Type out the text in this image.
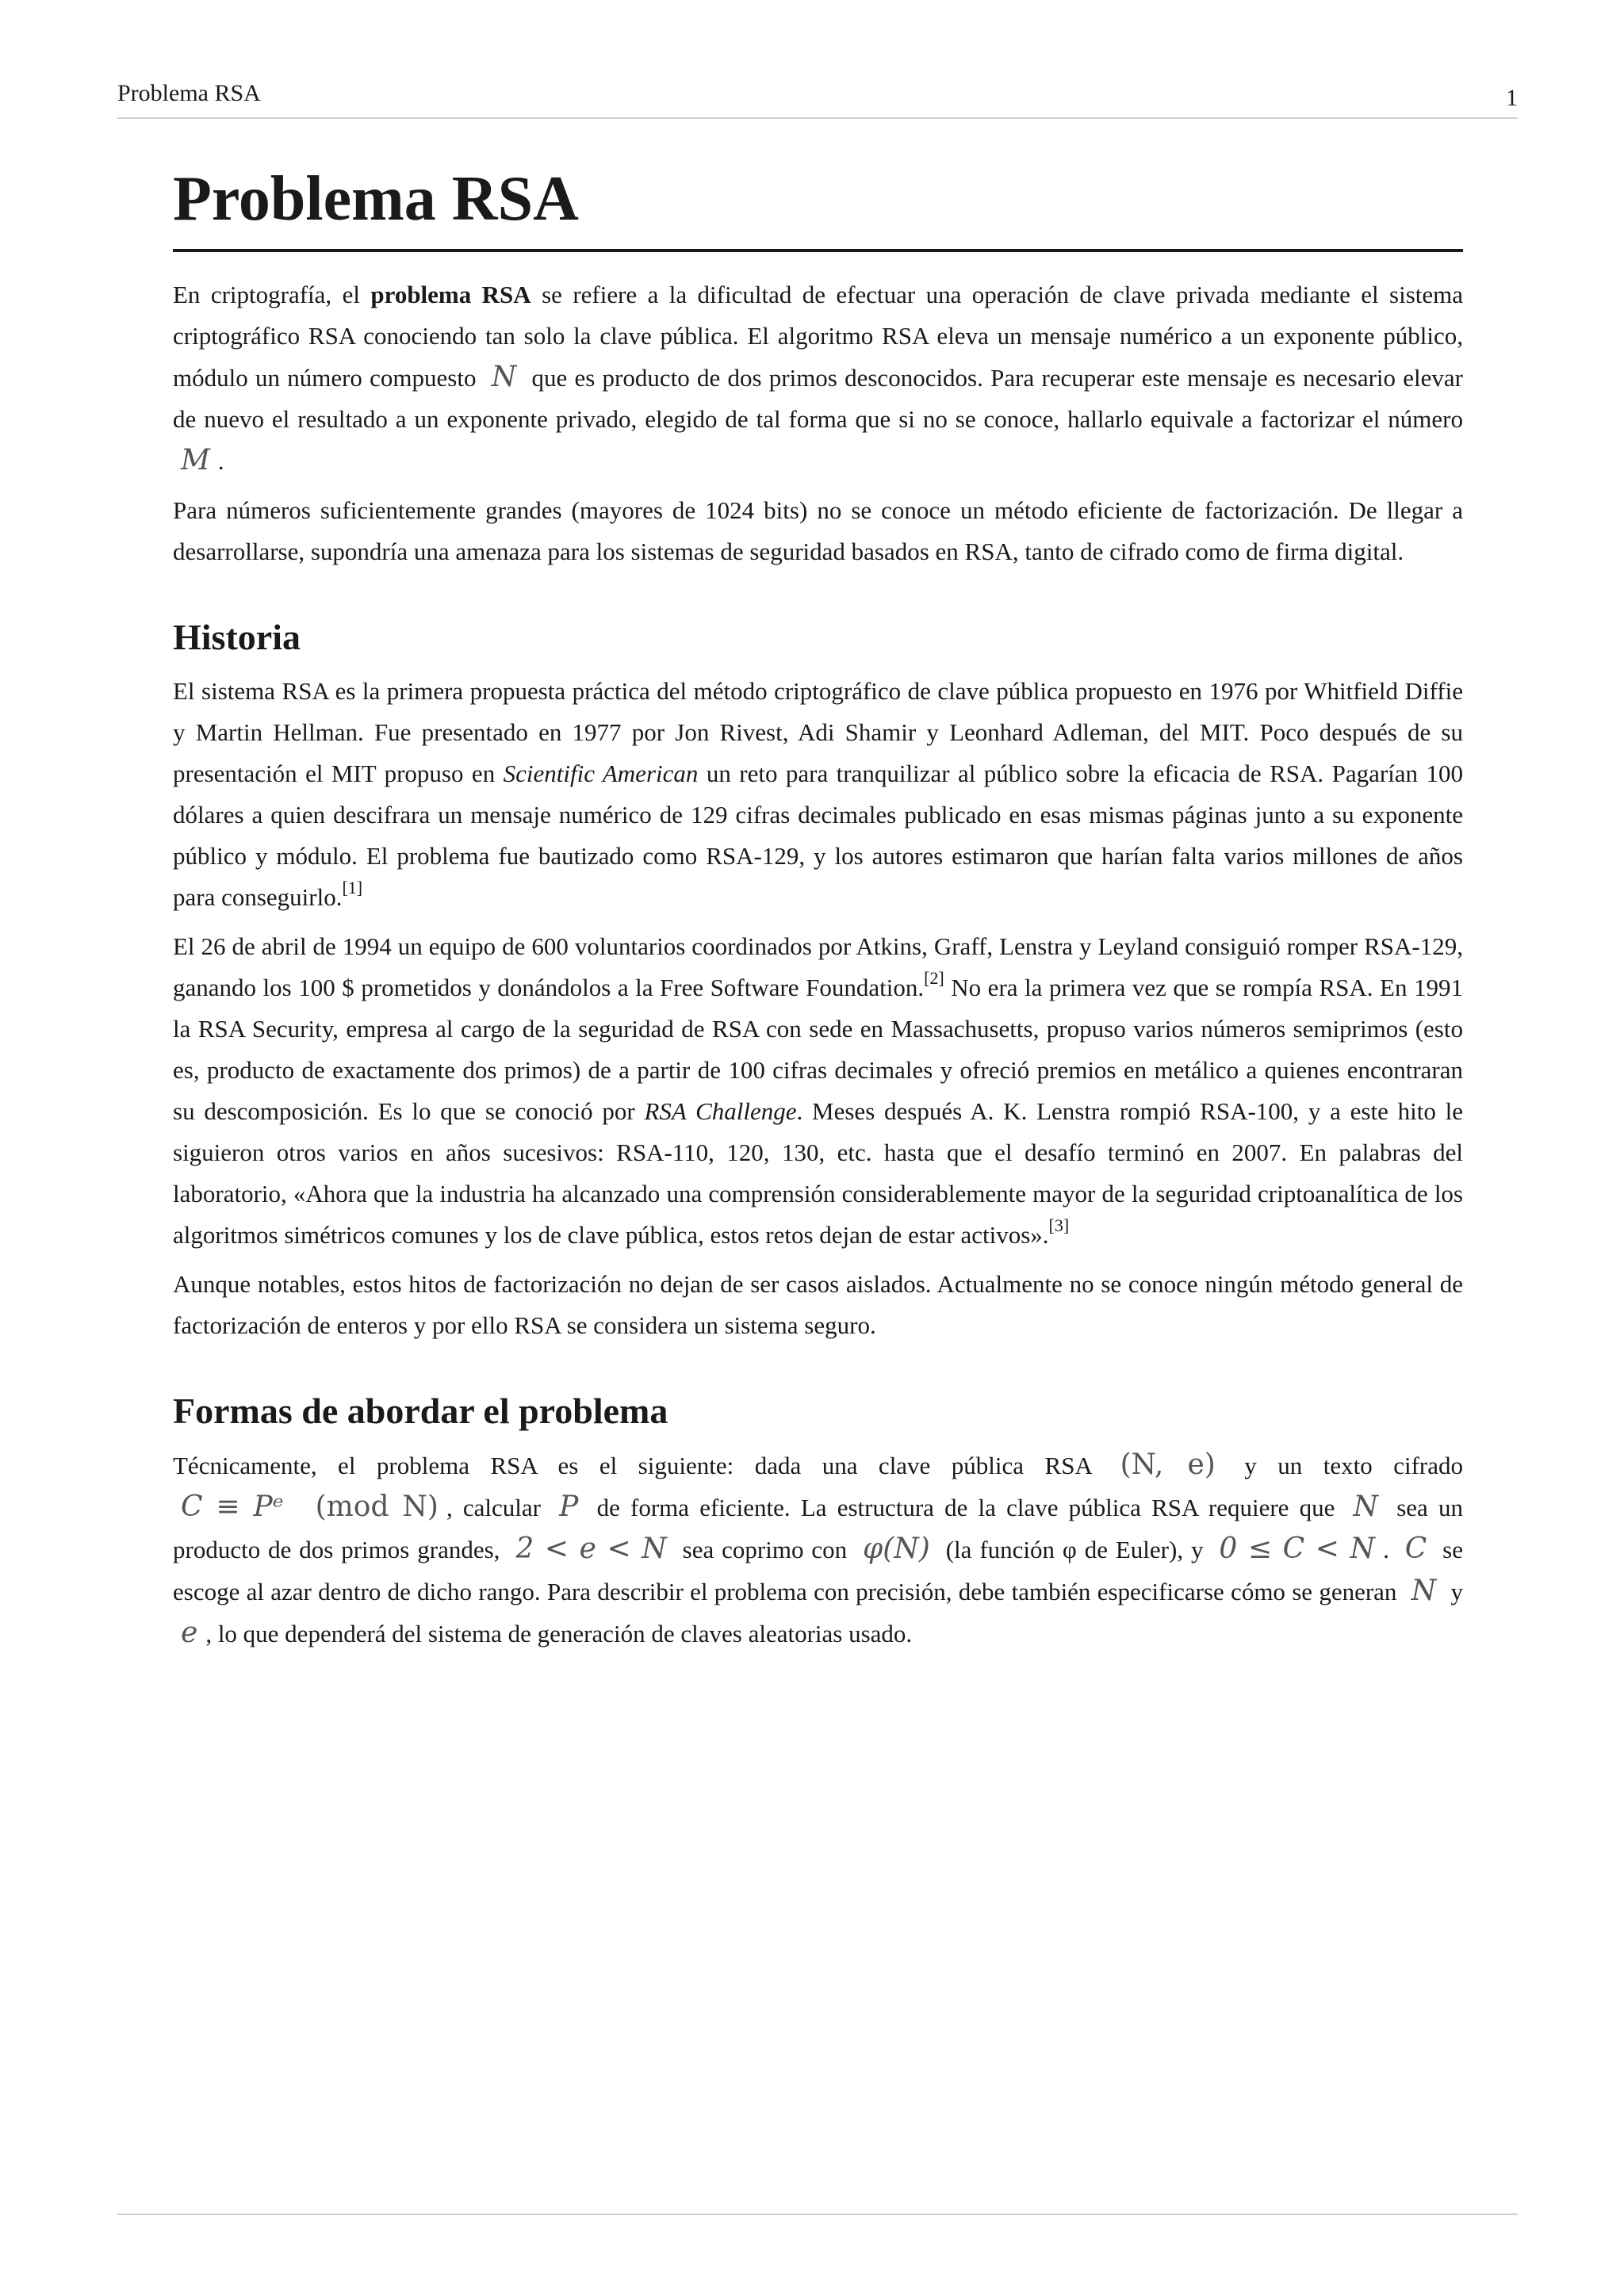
Problema RSA	1
Problema RSA

En criptografía, el problema RSA se refiere a la dificultad de efectuar una operación de clave privada mediante el sistema criptográfico RSA conociendo tan solo la clave pública. El algoritmo RSA eleva un mensaje numérico a un exponente público, módulo un número compuesto N que es producto de dos primos desconocidos. Para recuperar este mensaje es necesario elevar de nuevo el resultado a un exponente privado, elegido de tal forma que si no se conoce, hallarlo equivale a factorizar el número M .

Para números suficientemente grandes (mayores de 1024 bits) no se conoce un método eficiente de factorización. De llegar a desarrollarse, supondría una amenaza para los sistemas de seguridad basados en RSA, tanto de cifrado como de firma digital.

Historia

El sistema RSA es la primera propuesta práctica del método criptográfico de clave pública propuesto en 1976 por Whitfield Diffie y Martin Hellman. Fue presentado en 1977 por Jon Rivest, Adi Shamir y Leonhard Adleman, del MIT. Poco después de su presentación el MIT propuso en Scientific American un reto para tranquilizar al público sobre la eficacia de RSA. Pagarían 100 dólares a quien descifrara un mensaje numérico de 129 cifras decimales publicado en esas mismas páginas junto a su exponente público y módulo. El problema fue bautizado como RSA-129, y los autores estimaron que harían falta varios millones de años para conseguirlo.[1]

El 26 de abril de 1994 un equipo de 600 voluntarios coordinados por Atkins, Graff, Lenstra y Leyland consiguió romper RSA-129, ganando los 100 $ prometidos y donándolos a la Free Software Foundation.[2] No era la primera vez que se rompía RSA. En 1991 la RSA Security, empresa al cargo de la seguridad de RSA con sede en Massachusetts, propuso varios números semiprimos (esto es, producto de exactamente dos primos) de a partir de 100 cifras decimales y ofreció premios en metálico a quienes encontraran su descomposición. Es lo que se conoció por RSA Challenge. Meses después A. K. Lenstra rompió RSA-100, y a este hito le siguieron otros varios en años sucesivos: RSA-110, 120, 130, etc. hasta que el desafío terminó en 2007. En palabras del laboratorio, «Ahora que la industria ha alcanzado una comprensión considerablemente mayor de la seguridad criptoanalítica de los algoritmos simétricos comunes y los de clave pública, estos retos dejan de estar activos».[3]

Aunque notables, estos hitos de factorización no dejan de ser casos aislados. Actualmente no se conoce ningún método general de factorización de enteros y por ello RSA se considera un sistema seguro.

Formas de abordar el problema

Técnicamente, el problema RSA es el siguiente: dada una clave pública RSA (N, e) y un texto cifrado C ≡ Pᵉ (mod N) , calcular P de forma eficiente. La estructura de la clave pública RSA requiere que N sea un producto de dos primos grandes, 2 < e < N sea coprimo con φ(N) (la función φ de Euler), y 0 ≤ C < N . C se escoge al azar dentro de dicho rango. Para describir el problema con precisión, debe también especificarse cómo se generan N y e , lo que dependerá del sistema de generación de claves aleatorias usado.
